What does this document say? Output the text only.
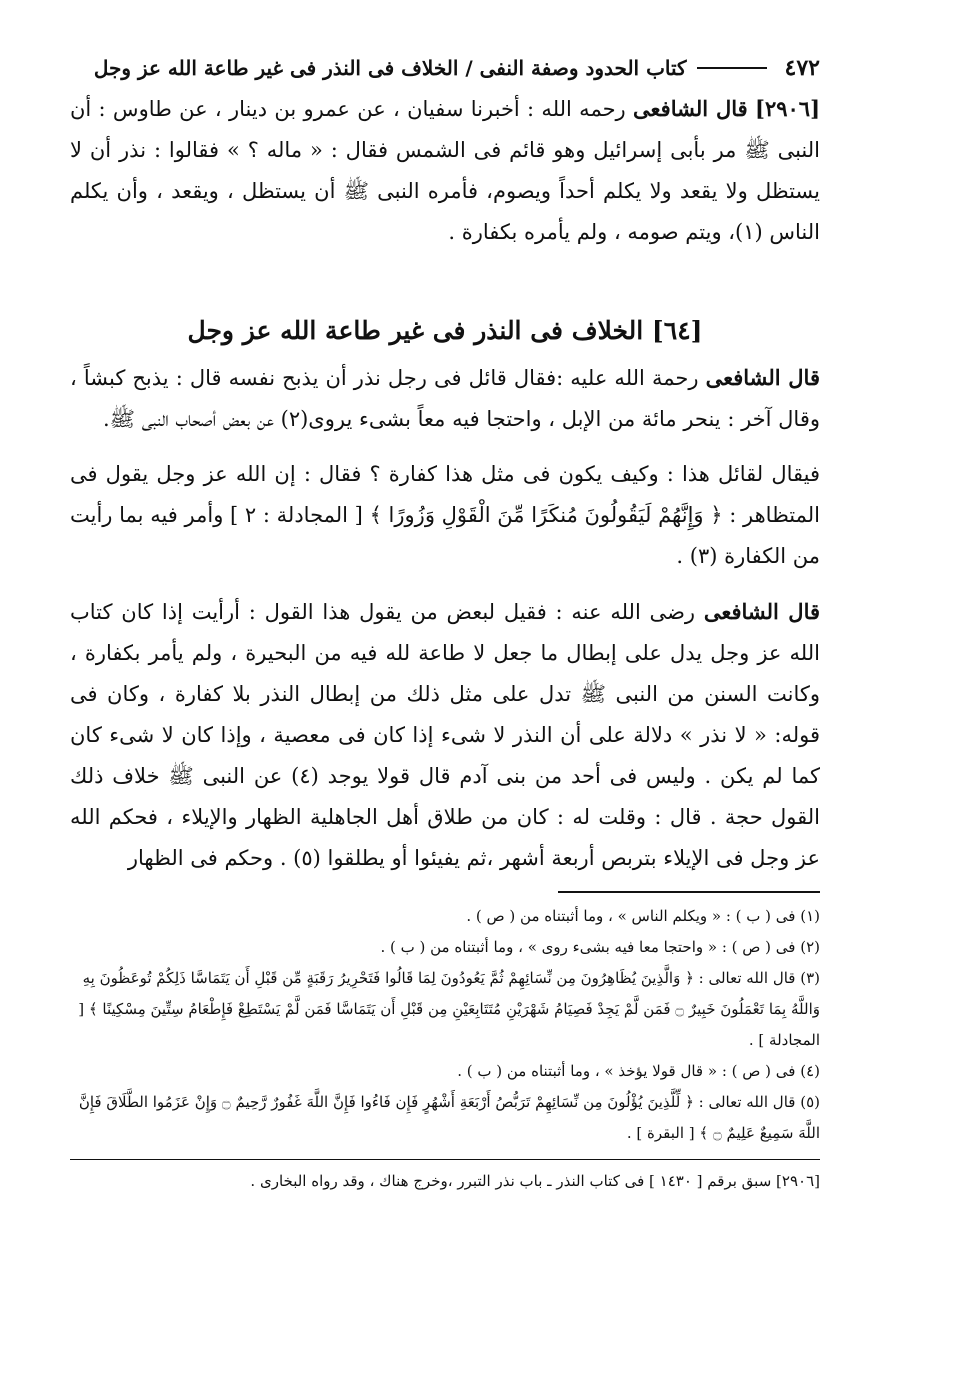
٤٧٢
كتاب الحدود وصفة النفى / الخلاف فى النذر فى غير طاعة الله عز وجل

[٢٩٠٦] قال الشافعى رحمه الله : أخبرنا سفيان ، عن عمرو بن دينار ، عن طاوس : أن النبى ﷺ مر بأبى إسرائيل وهو قائم فى الشمس فقال : « ماله ؟ » فقالوا : نذر أن لا يستظل ولا يقعد ولا يكلم أحداً ويصوم، فأمره النبى ﷺ أن يستظل ، ويقعد ، وأن يكلم الناس (١)، ويتم صومه ، ولم يأمره بكفارة .

[٦٤] الخلاف فى النذر فى غير طاعة الله عز وجل

قال الشافعى رحمة الله عليه :فقال قائل فى رجل نذر أن يذبح نفسه قال : يذبح كبشاً ، وقال آخر : ينحر مائة من الإبل ، واحتجا فيه معاً بشىء يروى(٢) عن بعض أصحاب النبى ﷺ.

فيقال لقائل هذا : وكيف يكون فى مثل هذا كفارة ؟ فقال : إن الله عز وجل يقول فى المتظاهر : ﴿ وَإِنَّهُمْ لَيَقُولُونَ مُنكَرًا مِّنَ الْقَوْلِ وَزُورًا ﴾ [ المجادلة : ٢ ] وأمر فيه بما رأيت من الكفارة (٣) .

قال الشافعى رضى الله عنه : فقيل لبعض من يقول هذا القول : أرأيت إذا كان كتاب الله عز وجل يدل على إبطال ما جعل لا طاعة لله فيه من البحيرة ، ولم يأمر بكفارة ، وكانت السنن من النبى ﷺ تدل على مثل ذلك من إبطال النذر بلا كفارة ، وكان فى قوله: « لا نذر » دلالة على أن النذر لا شىء إذا كان فى معصية ، وإذا كان لا شىء كان كما لم يكن . وليس فى أحد من بنى آدم قال قولا يوجد (٤) عن النبى ﷺ خلاف ذلك القول حجة . قال : وقلت له : كان من طلاق أهل الجاهلية الظهار والإيلاء ، فحكم الله عز وجل فى الإيلاء بتربص أربعة أشهر ،ثم يفيئوا أو يطلقوا (٥) . وحكم فى الظهار

(١) فى ( ب ) : « ويكلم الناس » ، وما أثبتناه من ( ص ) .
(٢) فى ( ص ) : « واحتجا معا فيه بشىء روى » ، وما أثبتناه من ( ب ) .
(٣) قال الله تعالى : ﴿ وَالَّذِينَ يُظَاهِرُونَ مِن نِّسَائِهِمْ ثُمَّ يَعُودُونَ لِمَا قَالُوا فَتَحْرِيرُ رَقَبَةٍ مِّن قَبْلِ أَن يَتَمَاسَّا ذَلِكُمْ تُوعَظُونَ بِهِ وَاللَّهُ بِمَا تَعْمَلُونَ خَبِيرٌ ۝ فَمَن لَّمْ يَجِدْ فَصِيَامُ شَهْرَيْنِ مُتَتَابِعَيْنِ مِن قَبْلِ أَن يَتَمَاسَّا فَمَن لَّمْ يَسْتَطِعْ فَإِطْعَامُ سِتِّينَ مِسْكِينًا ﴾ [ المجادلة ] .
(٤) فى ( ص ) : « قال قولا يؤخذ » ، وما أثبتناه من ( ب ) .
(٥) قال الله تعالى : ﴿ لِّلَّذِينَ يُؤْلُونَ مِن نِّسَائِهِمْ تَرَبُّصُ أَرْبَعَةِ أَشْهُرٍ فَإِن فَاءُوا فَإِنَّ اللَّهَ غَفُورٌ رَّحِيمٌ ۝ وَإِنْ عَزَمُوا الطَّلَاقَ فَإِنَّ اللَّهَ سَمِيعٌ عَلِيمٌ ۝ ﴾ [ البقرة ] .
[٢٩٠٦] سبق برقم [ ١٤٣٠ ] فى كتاب النذر ـ باب نذر التبرر ،وخرج هناك ، وقد رواه البخارى .
